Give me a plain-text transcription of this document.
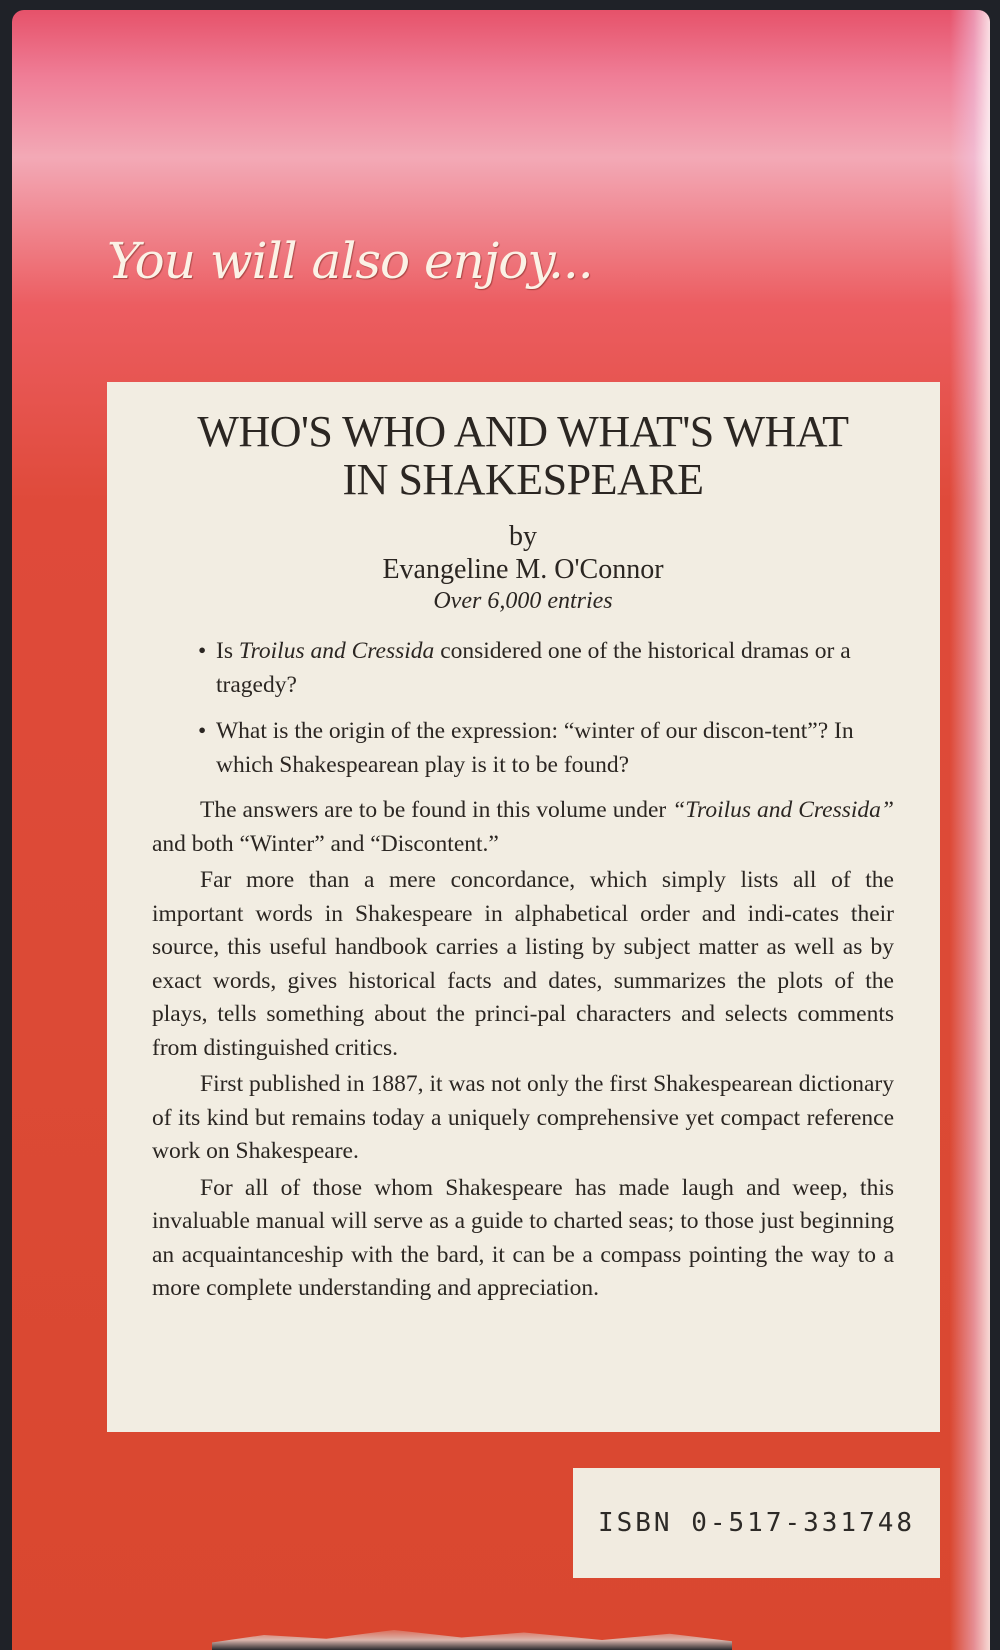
You will also enjoy...
WHO'S WHO AND WHAT'S WHAT
IN SHAKESPEARE
by
Evangeline M. O'Connor
Over 6,000 entries
• Is Troilus and Cressida considered one of the historical dramas or a tragedy?
• What is the origin of the expression: “winter of our discon-tent”? In which Shakespearean play is it to be found?

The answers are to be found in this volume under “Troilus and Cressida” and both “Winter” and “Discontent.”

Far more than a mere concordance, which simply lists all of the important words in Shakespeare in alphabetical order and indi-cates their source, this useful handbook carries a listing by subject matter as well as by exact words, gives historical facts and dates, summarizes the plots of the plays, tells something about the princi-pal characters and selects comments from distinguished critics.

First published in 1887, it was not only the first Shakespearean dictionary of its kind but remains today a uniquely comprehensive yet compact reference work on Shakespeare.

For all of those whom Shakespeare has made laugh and weep, this invaluable manual will serve as a guide to charted seas; to those just beginning an acquaintanceship with the bard, it can be a compass pointing the way to a more complete understanding and appreciation.

ISBN 0-517-331748
